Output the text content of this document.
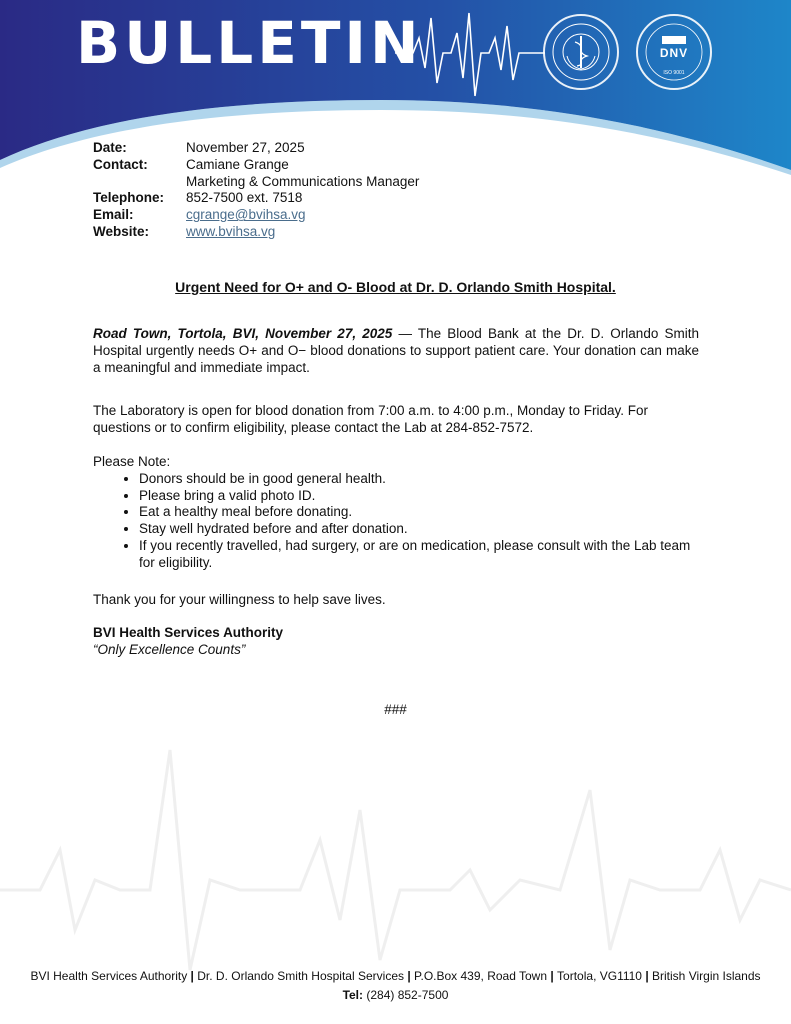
BULLETIN	DNV
ISO 9001
Date:	November 27, 2025
Contact:	Camiane Grange
Marketing & Communications Manager
Telephone:	852-7500 ext. 7518
Email:	cgrange@bvihsa.vg
Website:	www.bvihsa.vg
Urgent Need for O+ and O- Blood at Dr. D. Orlando Smith Hospital.
Road Town, Tortola, BVI, November 27, 2025 — The Blood Bank at the Dr. D. Orlando Smith Hospital urgently needs O+ and O− blood donations to support patient care. Your donation can make a meaningful and immediate impact.
The Laboratory is open for blood donation from 7:00 a.m. to 4:00 p.m., Monday to Friday. For questions or to confirm eligibility, please contact the Lab at 284-852-7572.
Please Note:
• Donors should be in good general health.
• Please bring a valid photo ID.
• Eat a healthy meal before donating.
• Stay well hydrated before and after donation.
• If you recently travelled, had surgery, or are on medication, please consult with the Lab team for eligibility.
Thank you for your willingness to help save lives.
BVI Health Services Authority
“Only Excellence Counts”
###
BVI Health Services Authority | Dr. D. Orlando Smith Hospital Services | P.O.Box 439, Road Town | Tortola, VG1110 | British Virgin Islands
Tel: (284) 852-7500
